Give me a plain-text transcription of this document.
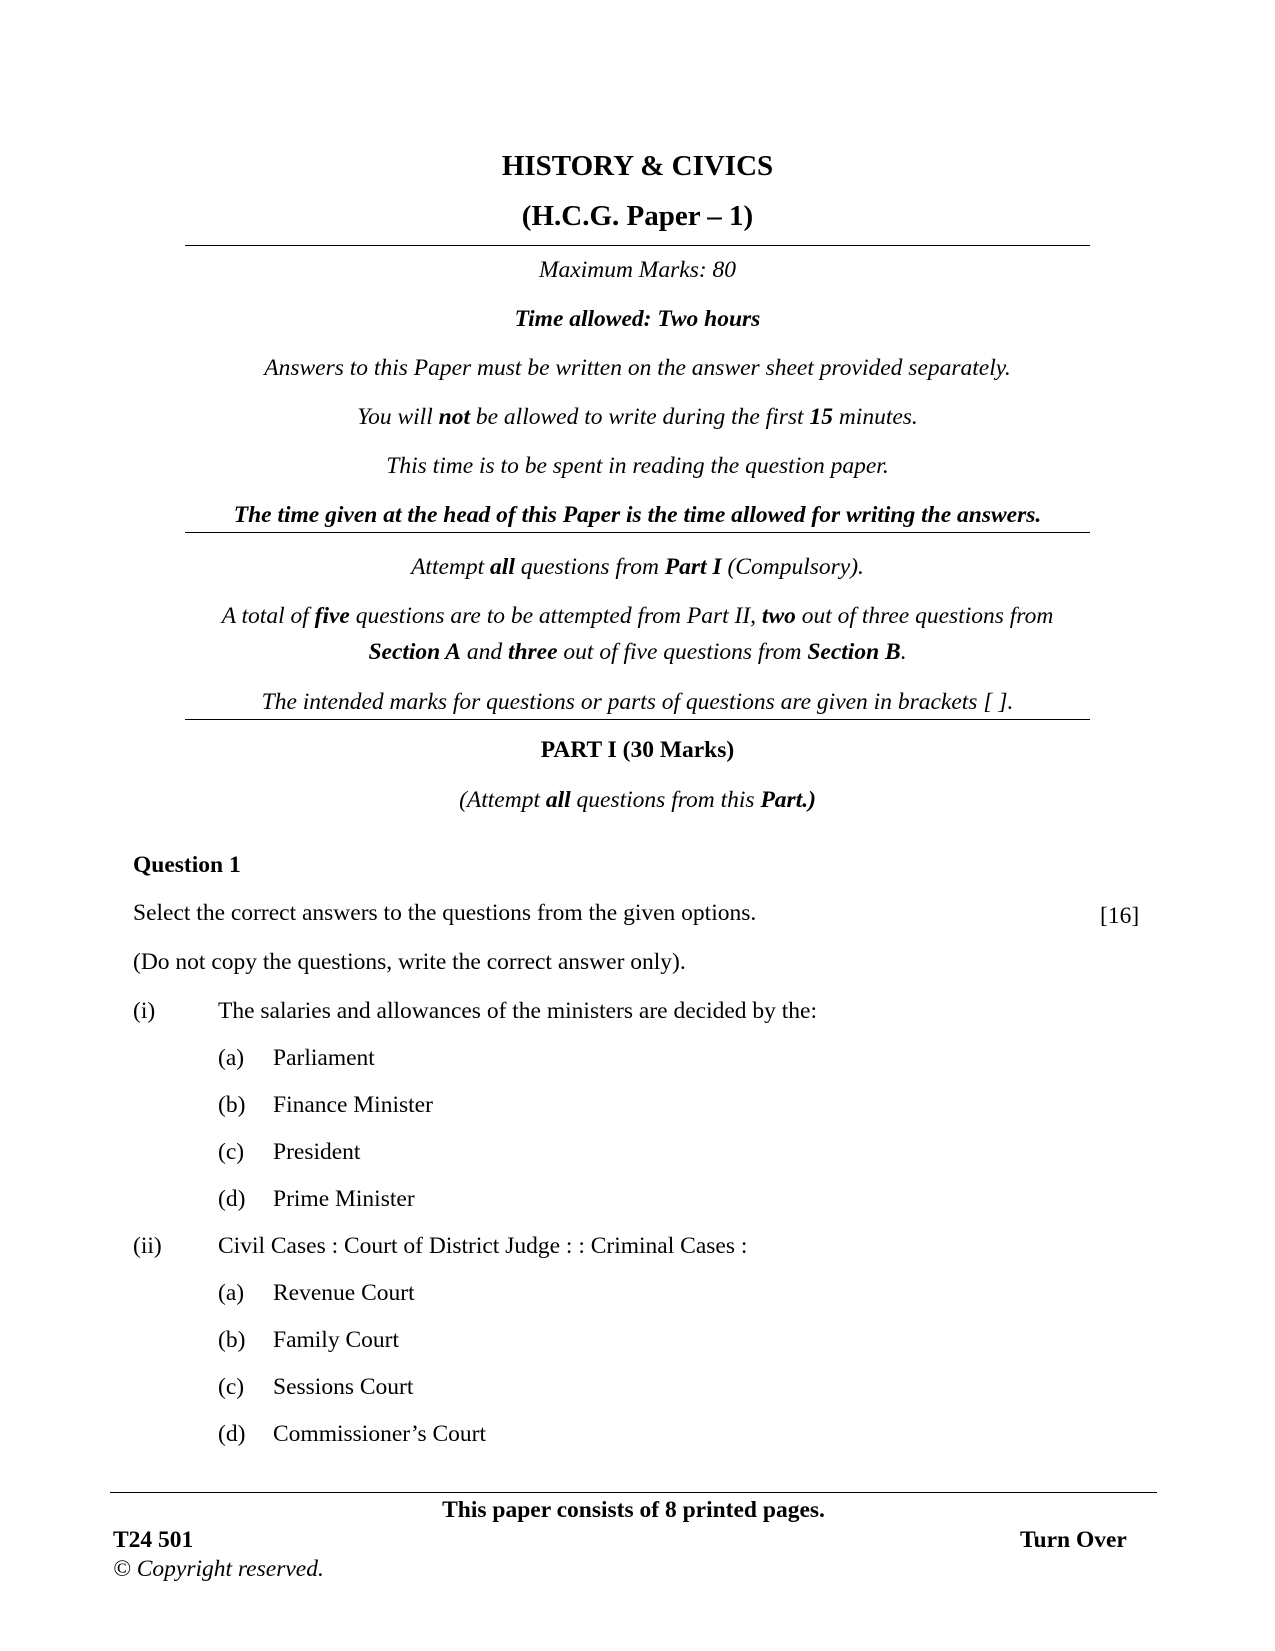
HISTORY & CIVICS
(H.C.G. Paper – 1)
Maximum Marks: 80
Time allowed: Two hours
Answers to this Paper must be written on the answer sheet provided separately.
You will not be allowed to write during the first 15 minutes.
This time is to be spent in reading the question paper.
The time given at the head of this Paper is the time allowed for writing the answers.
Attempt all questions from Part I (Compulsory).
A total of five questions are to be attempted from Part II, two out of three questions from
Section A and three out of five questions from Section B.
The intended marks for questions or parts of questions are given in brackets [ ].
PART I (30 Marks)
(Attempt all questions from this Part.)
Question 1
Select the correct answers to the questions from the given options.	[16]
(Do not copy the questions, write the correct answer only).
(i)	The salaries and allowances of the ministers are decided by the:
(a) Parliament
(b) Finance Minister
(c) President
(d) Prime Minister
(ii) Civil Cases : Court of District Judge : : Criminal Cases :
(a) Revenue Court
(b) Family Court
(c) Sessions Court
(d) Commissioner’s Court
This paper consists of 8 printed pages.
T24 501	Turn Over
© Copyright reserved.
